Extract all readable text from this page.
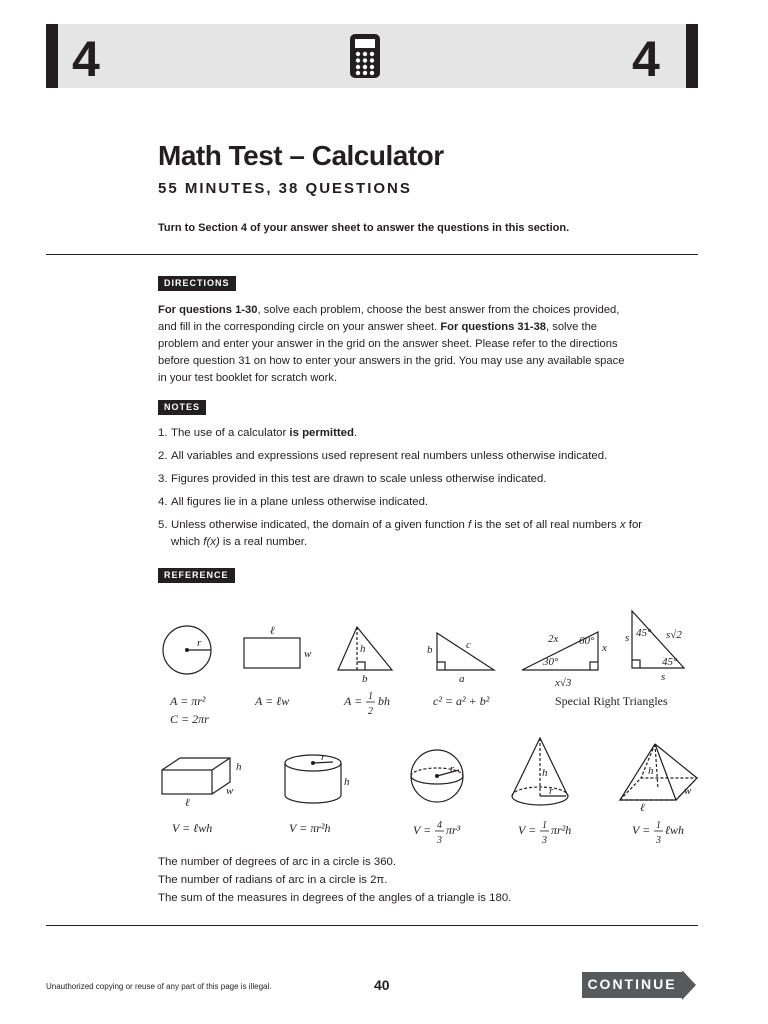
4	4
Math Test – Calculator
55 MINUTES, 38 QUESTIONS
Turn to Section 4 of your answer sheet to answer the questions in this section.
DIRECTIONS
For questions 1-30, solve each problem, choose the best answer from the choices provided, and fill in the corresponding circle on your answer sheet. For questions 31-38, solve the problem and enter your answer in the grid on the answer sheet. Please refer to the directions before question 31 on how to enter your answers in the grid. You may use any available space in your test booklet for scratch work.
NOTES
1. The use of a calculator is permitted.
2. All variables and expressions used represent real numbers unless otherwise indicated.
3. Figures provided in this test are drawn to scale unless otherwise indicated.
4. All figures lie in a plane unless otherwise indicated.
5. Unless otherwise indicated, the domain of a given function f is the set of all real numbers x for
which f(x) is a real number.
REFERENCE
r
ℓ
w	h
b
b	c
a
2x 60°
30°
x
x√3
s 45° s√2
45°
s
h
ℓ
w
r
h
r	h
r
h
ℓ
w
A = πr²
C = 2πr
A = ℓw	A = 1
2
bh	c² = a² + b²	Special Right Triangles
V = ℓwh	V = πr²h	V = 4
3
πr³	V = 1
3
πr²h	V = 1
3
ℓwh
The number of degrees of arc in a circle is 360.
The number of radians of arc in a circle is 2π.
The sum of the measures in degrees of the angles of a triangle is 180.
Unauthorized copying or reuse of any part of this page is illegal.	40	CONTINUE
